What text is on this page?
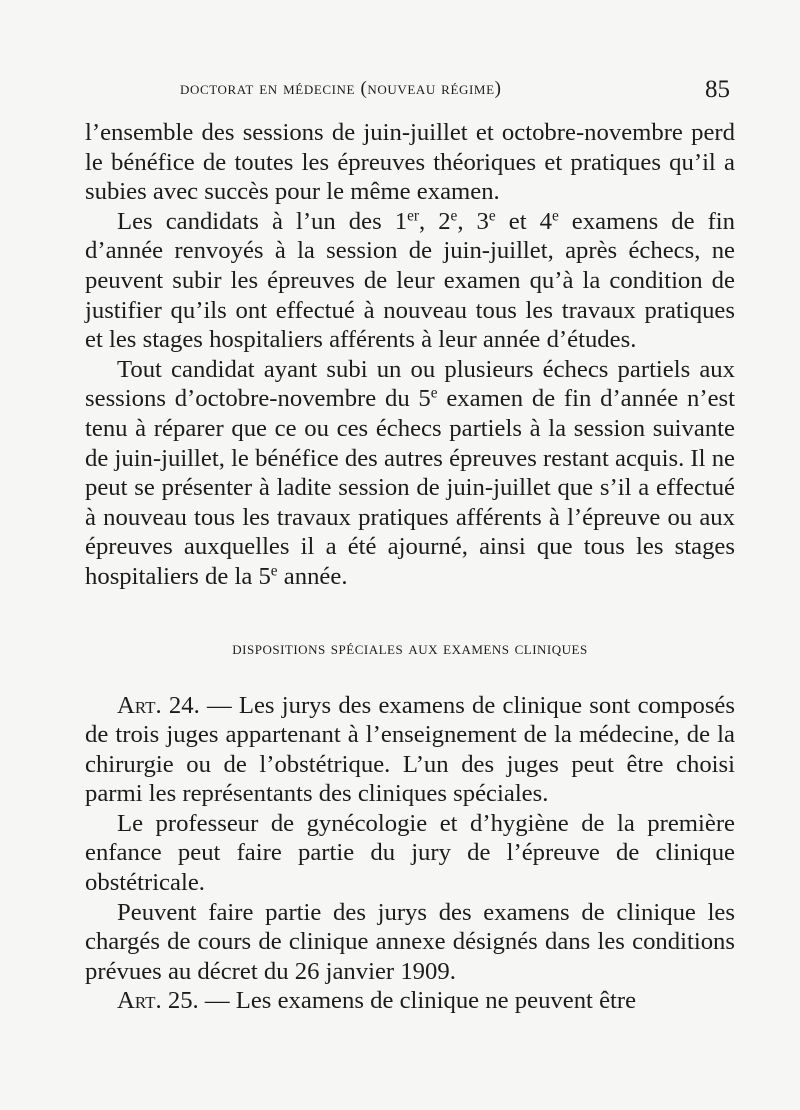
doctorat en médecine (nouveau régime)	85

l’ensemble des sessions de juin-juillet et octobre-novembre perd le bénéfice de toutes les épreuves théoriques et pratiques qu’il a subies avec succès pour le même examen.

Les candidats à l’un des 1er, 2e, 3e et 4e examens de fin d’année renvoyés à la session de juin-juillet, après échecs, ne peuvent subir les épreuves de leur examen qu’à la condition de justifier qu’ils ont effectué à nouveau tous les travaux pratiques et les stages hospitaliers afférents à leur année d’études.

Tout candidat ayant subi un ou plusieurs échecs partiels aux sessions d’octobre-novembre du 5e examen de fin d’année n’est tenu à réparer que ce ou ces échecs partiels à la session suivante de juin-juillet, le bénéfice des autres épreuves restant acquis. Il ne peut se présenter à ladite session de juin-juillet que s’il a effectué à nouveau tous les travaux pratiques afférents à l’épreuve ou aux épreuves auxquelles il a été ajourné, ainsi que tous les stages hospitaliers de la 5e année.

dispositions spéciales aux examens cliniques

Art. 24. — Les jurys des examens de clinique sont composés de trois juges appartenant à l’enseignement de la médecine, de la chirurgie ou de l’obstétrique. L’un des juges peut être choisi parmi les représentants des cliniques spéciales.

Le professeur de gynécologie et d’hygiène de la première enfance peut faire partie du jury de l’épreuve de clinique obstétricale.

Peuvent faire partie des jurys des examens de clinique les chargés de cours de clinique annexe désignés dans les conditions prévues au décret du 26 janvier 1909.

Art. 25. — Les examens de clinique ne peuvent être
